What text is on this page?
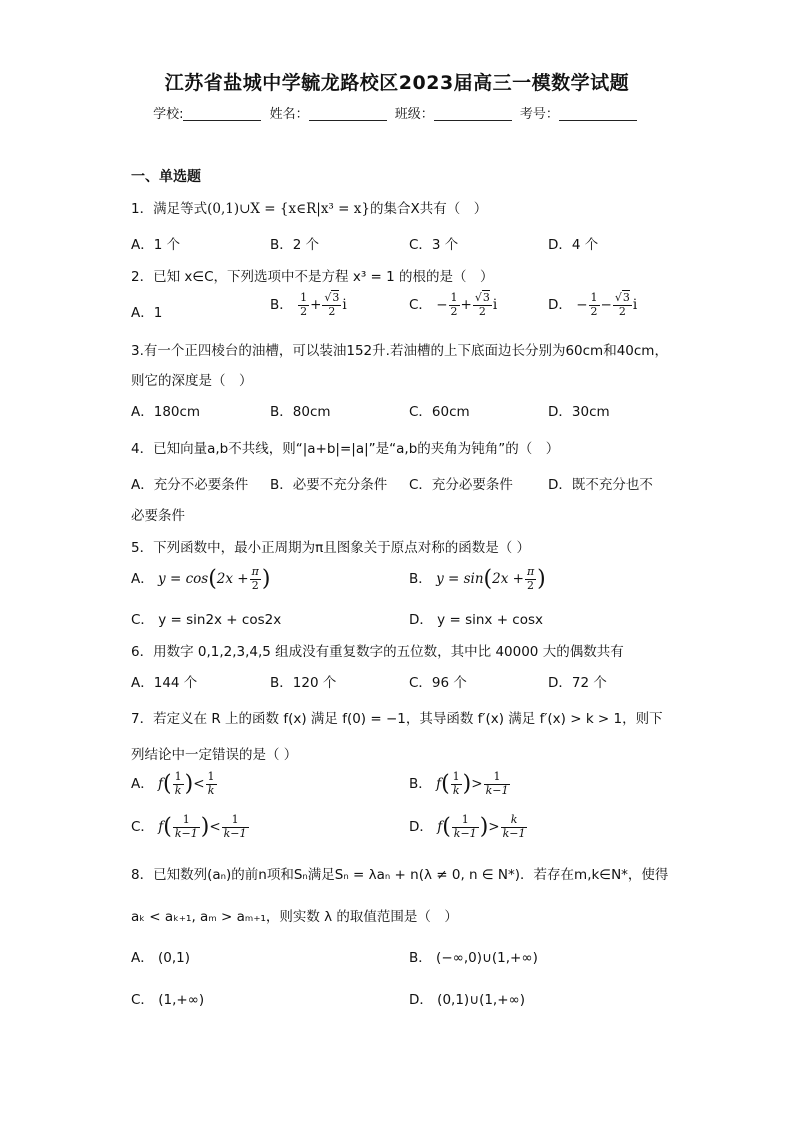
江苏省盐城中学毓龙路校区2023届高三一模数学试题
学校:	姓名：	班级：	考号：
一、单选题
1．满足等式(0,1)∪X = {x∈R|x³ = x}的集合X共有（　）
A．1 个	B．2 个	C．3 个	D．4 个
2．已知 x∈C，下列选项中不是方程 x³ = 1 的根的是（　）
A．1	B． $\frac{1}{2} + \frac{√3}{2}$ i	C． − $\frac{1}{2} + \frac{√3}{2}$ i	D． − $\frac{1}{2} - \frac{√3}{2}$ i
3.有一个正四棱台的油槽，可以装油152升.若油槽的上下底面边长分别为60cm和40cm，
则它的深度是（　）
A．180cm	B．80cm	C．60cm	D．30cm
4．已知向量a,b不共线，则“|a+b|=|a|”是“a,b的夹角为钝角”的（　）
A．充分不必要条件 B．必要不充分条件 C．充分必要条件	D．既不充分也不
必要条件
5．下列函数中，最小正周期为π且图象关于原点对称的函数是（ ）
A． $y = \cos(2x + \frac{\pi}{2}$ )	B． $y = \sin(2x + \frac{\pi}{2}$ )
C． y = sin2x + cos2x	D． y = sinx + cosx
6．用数字 0,1,2,3,4,5 组成没有重复数字的五位数，其中比 40000 大的偶数共有
A．144 个	B．120 个	C．96 个	D．72 个
7．若定义在 R 上的函数 f(x) 满足 f(0) = −1，其导函数 f′(x) 满足 f′(x) > k > 1，则下
列结论中一定错误的是（ ）
A． $f( \frac{1}{k}$ )< $\frac{1}{k}$	B． $f( \frac{1}{k}$ )> $\frac{1}{k-1}$
C． $f( \frac{1}{k-1}$ )< $\frac{1}{k-1}$	D． $f( \frac{1}{k-1}$ )> $\frac{k}{k-1}$
8．已知数列(aₙ)的前n项和Sₙ满足Sₙ = λaₙ + n(λ ≠ 0, n ∈ N*)．若存在m,k∈N*，使得
aₖ < aₖ₊₁, aₘ > aₘ₊₁，则实数 λ 的取值范围是（　）
A． (0,1)	B． (−∞,0)∪(1,+∞)
C． (1,+∞)	D． (0,1)∪(1,+∞)
